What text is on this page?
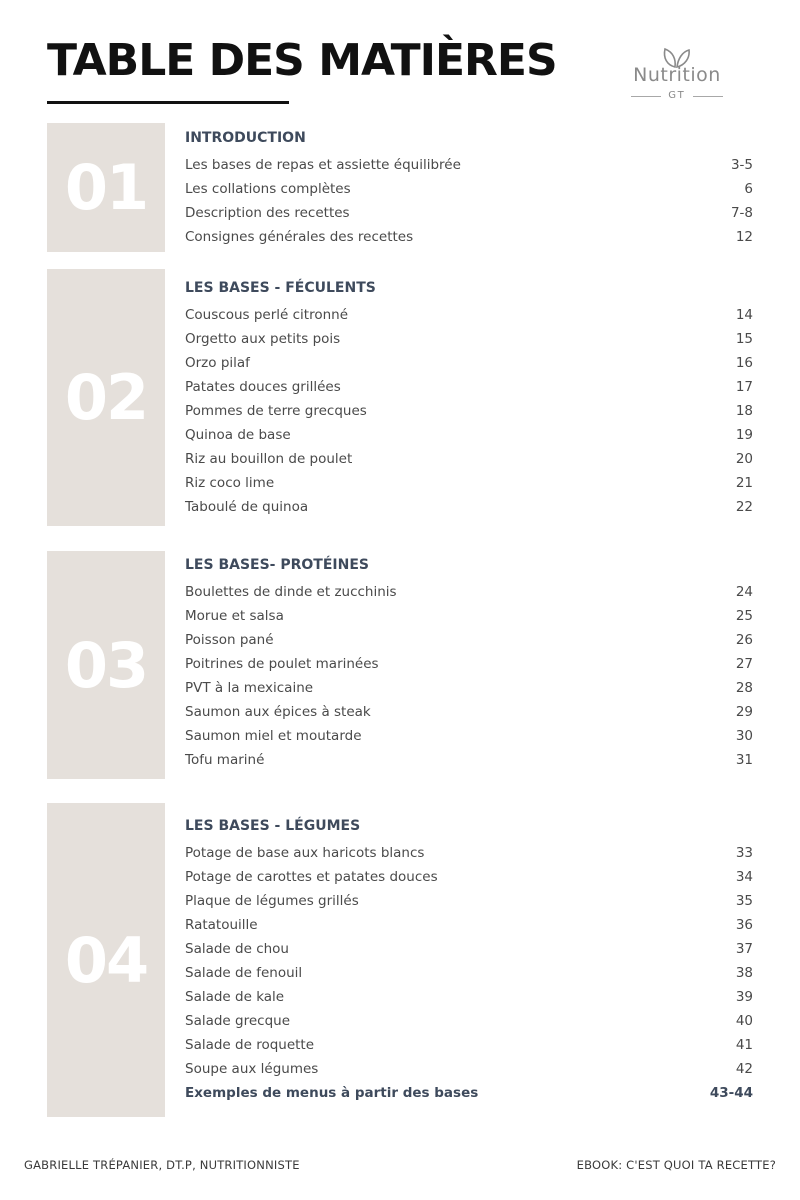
TABLE DES MATIÈRES	Nutrition
GT
01
INTRODUCTION
Les bases de repas et assiette équilibrée	3-5
Les collations complètes	6
Description des recettes	7-8
Consignes générales des recettes	12
02
LES BASES - FÉCULENTS
Couscous perlé citronné	14
Orgetto aux petits pois	15
Orzo pilaf	16
Patates douces grillées	17
Pommes de terre grecques	18
Quinoa de base	19
Riz au bouillon de poulet	20
Riz coco lime	21
Taboulé de quinoa	22
03
LES BASES- PROTÉINES
Boulettes de dinde et zucchinis	24
Morue et salsa	25
Poisson pané	26
Poitrines de poulet marinées	27
PVT à la mexicaine	28
Saumon aux épices à steak	29
Saumon miel et moutarde	30
Tofu mariné	31
04
LES BASES - LÉGUMES
Potage de base aux haricots blancs	33
Potage de carottes et patates douces	34
Plaque de légumes grillés	35
Ratatouille	36
Salade de chou	37
Salade de fenouil	38
Salade de kale	39
Salade grecque	40
Salade de roquette	41
Soupe aux légumes	42
Exemples de menus à partir des bases	43-44
GABRIELLE TRÉPANIER, DT.P, NUTRITIONNISTE	EBOOK: C'EST QUOI TA RECETTE?
